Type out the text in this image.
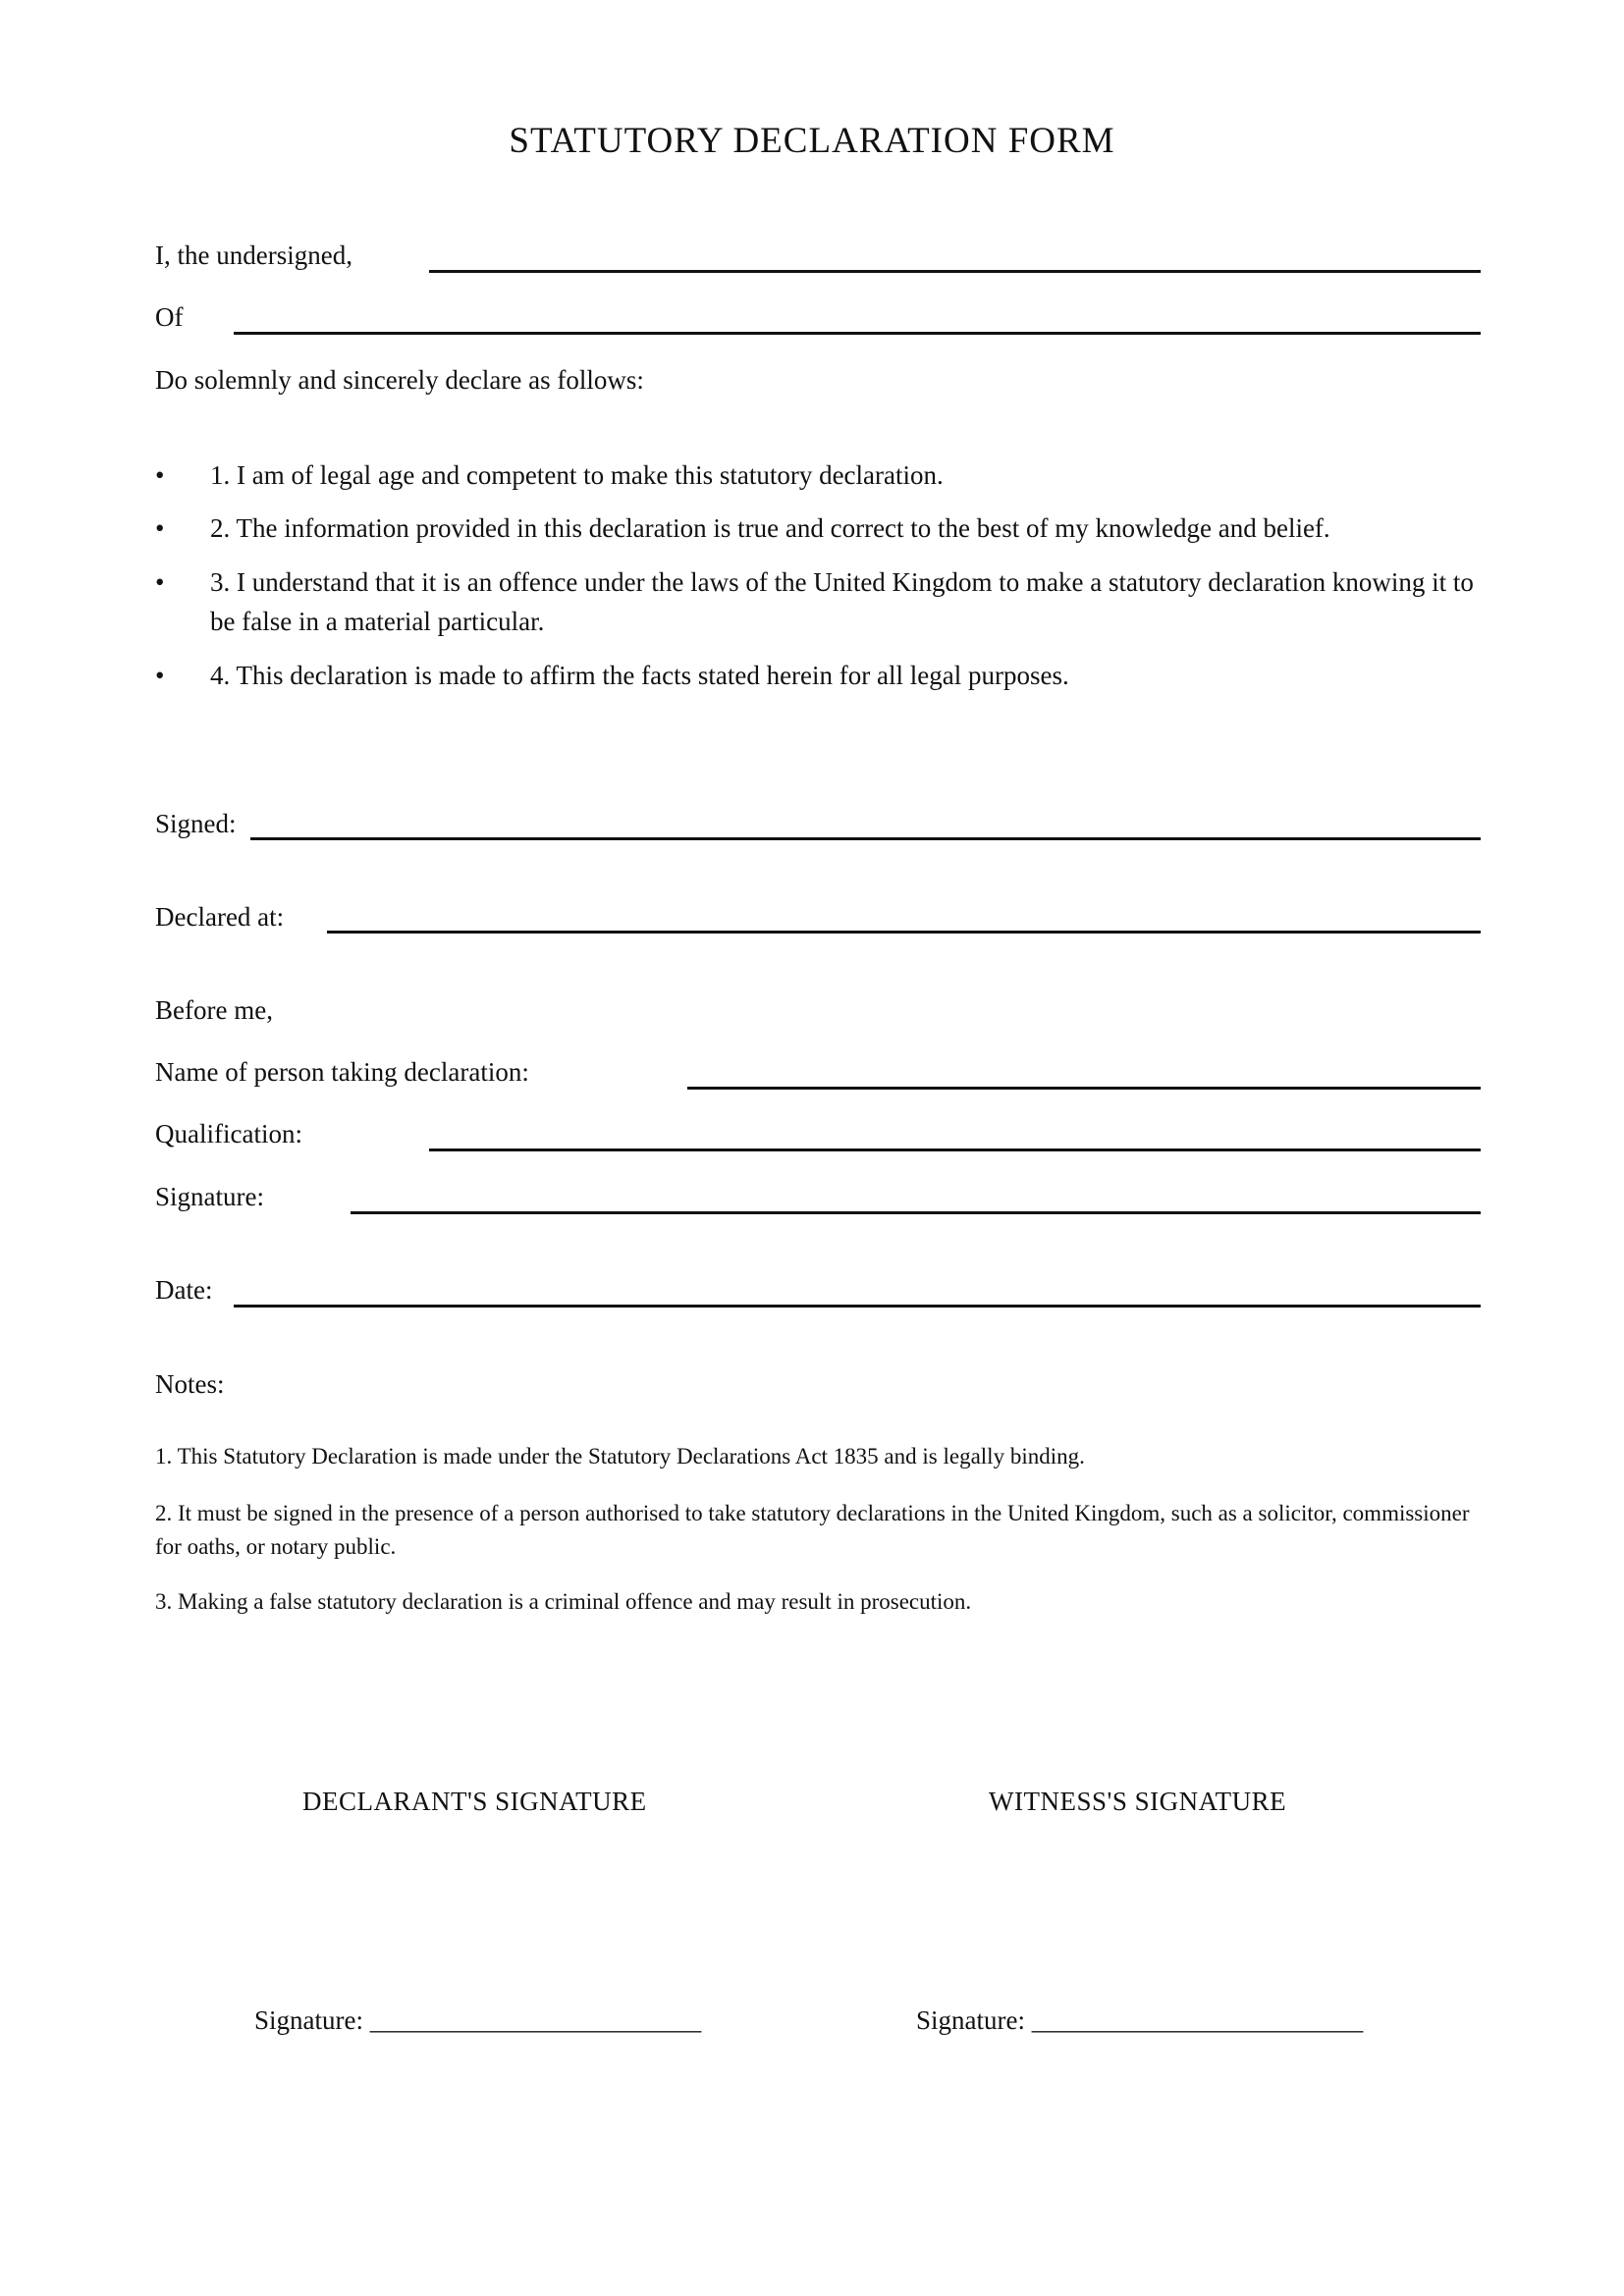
STATUTORY DECLARATION FORM
I, the undersigned,
Of
Do solemnly and sincerely declare as follows:
• 1. I am of legal age and competent to make this statutory declaration.
• 2. The information provided in this declaration is true and correct to the best of my knowledge and belief.
• 3. I understand that it is an offence under the laws of the United Kingdom to make a statutory declaration knowing it to be false in a material particular.
• 4. This declaration is made to affirm the facts stated herein for all legal purposes.
Signed:
Declared at:
Before me,
Name of person taking declaration:
Qualification:
Signature:
Date:
Notes:
1. This Statutory Declaration is made under the Statutory Declarations Act 1835 and is legally binding.
2. It must be signed in the presence of a person authorised to take statutory declarations in the United Kingdom, such as a solicitor, commissioner for oaths, or notary public.
3. Making a false statutory declaration is a criminal offence and may result in prosecution.
DECLARANT'S SIGNATURE	WITNESS'S SIGNATURE
Signature: _________________________	Signature: _________________________
